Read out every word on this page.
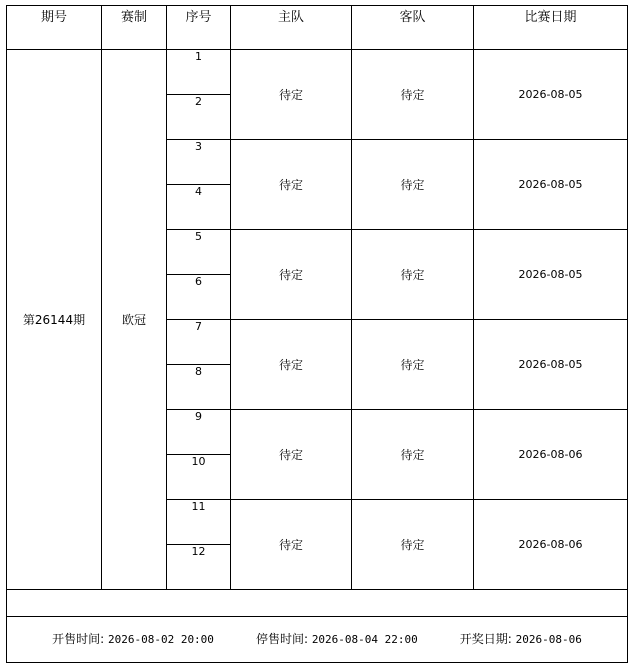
期号	赛制	序号	主队	客队	比赛日期
第26144期	欧冠	1	待定	待定	2026-08-05
		2			
		3	待定	待定	2026-08-05
		4			
		5	待定	待定	2026-08-05
		6			
		7	待定	待定	2026-08-05
		8			
		9	待定	待定	2026-08-06
		10			
		11	待定	待定	2026-08-06
		12			

开售时间: 2026-08-02 20:00 停售时间: 2026-08-04 22:00 开奖日期: 2026-08-06					
